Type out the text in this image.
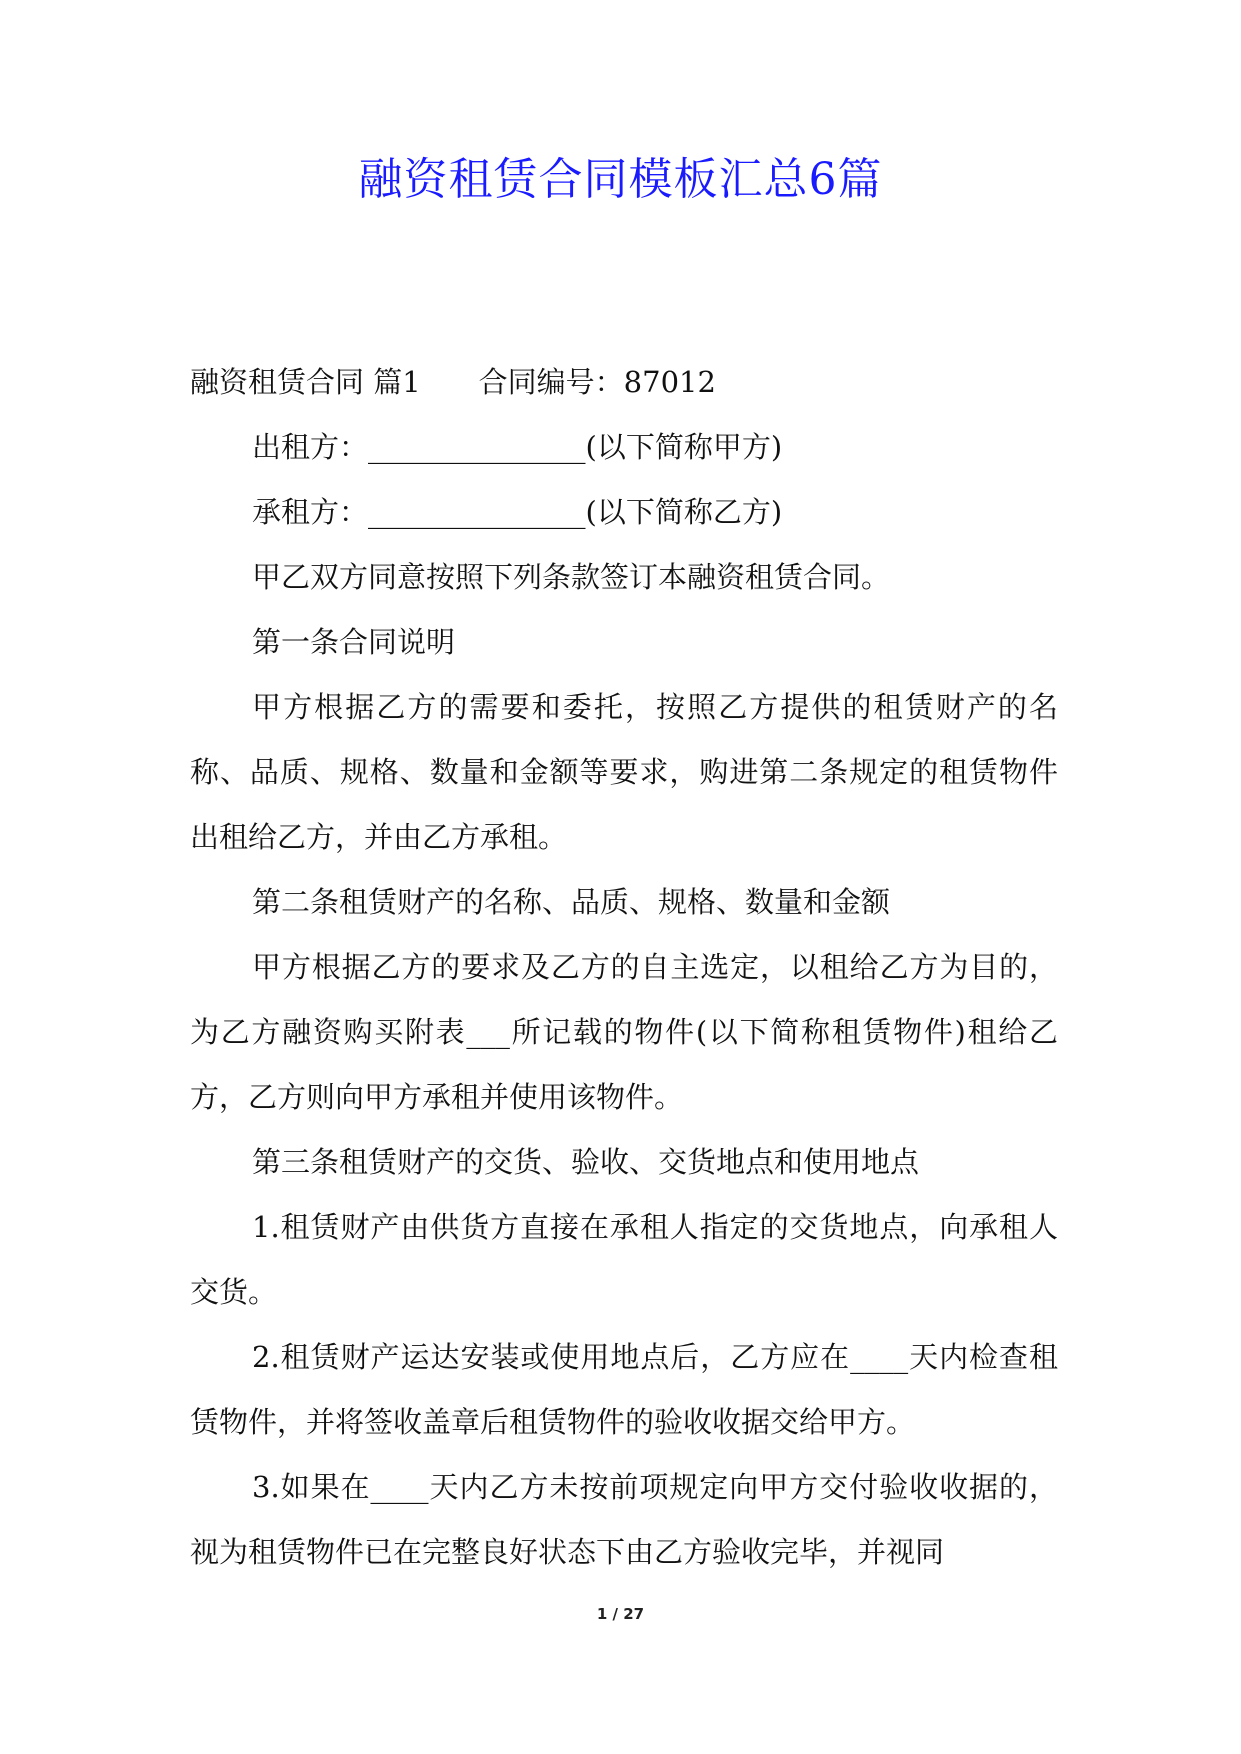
融资租赁合同模板汇总6篇

融资租赁合同 篇1 合同编号：87012

出租方：_______________(以下简称甲方)

承租方：_______________(以下简称乙方)

甲乙双方同意按照下列条款签订本融资租赁合同。

第一条合同说明

甲方根据乙方的需要和委托，按照乙方提供的租赁财产的名称、品质、规格、数量和金额等要求，购进第二条规定的租赁物件出租给乙方，并由乙方承租。

第二条租赁财产的名称、品质、规格、数量和金额

甲方根据乙方的要求及乙方的自主选定，以租给乙方为目的，为乙方融资购买附表___所记载的物件(以下简称租赁物件)租给乙方，乙方则向甲方承租并使用该物件。

第三条租赁财产的交货、验收、交货地点和使用地点

1.租赁财产由供货方直接在承租人指定的交货地点，向承租人交货。

2.租赁财产运达安装或使用地点后，乙方应在____天内检查租赁物件，并将签收盖章后租赁物件的验收收据交给甲方。

3.如果在____天内乙方未按前项规定向甲方交付验收收据的，视为租赁物件已在完整良好状态下由乙方验收完毕，并视同

1 / 27
